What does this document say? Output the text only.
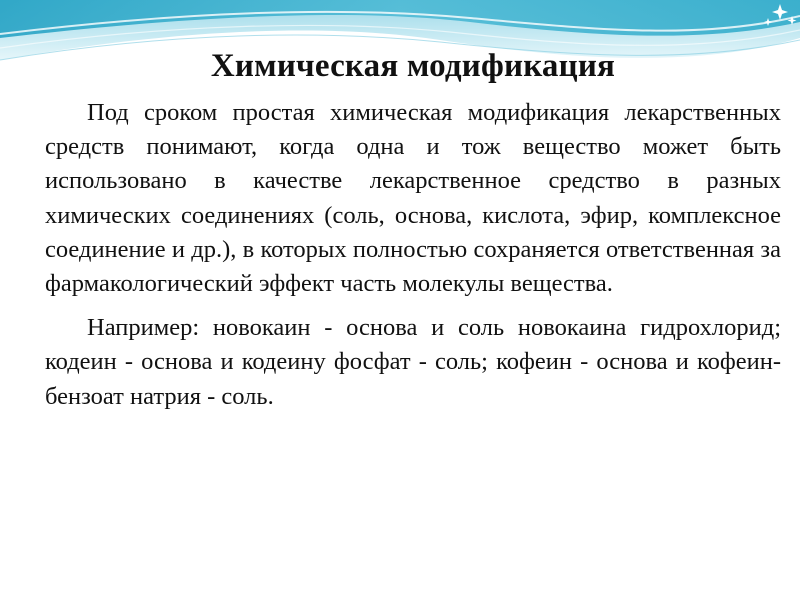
Химическая модификация

Под сроком простая химическая модификация лекарственных средств понимают, когда одна и тож вещество может быть использовано в качестве лекарственное средство в разных химических соединениях (соль, основа, кислота, эфир, комплексное соединение и др.), в которых полностью сохраняется ответственная за фармакологический эффект часть молекулы вещества.

Например: новокаин - основа и соль новокаина гидрохлорид; кодеин - основа и кодеину фосфат - соль; кофеин - основа и кофеин-бензоат натрия - соль.
